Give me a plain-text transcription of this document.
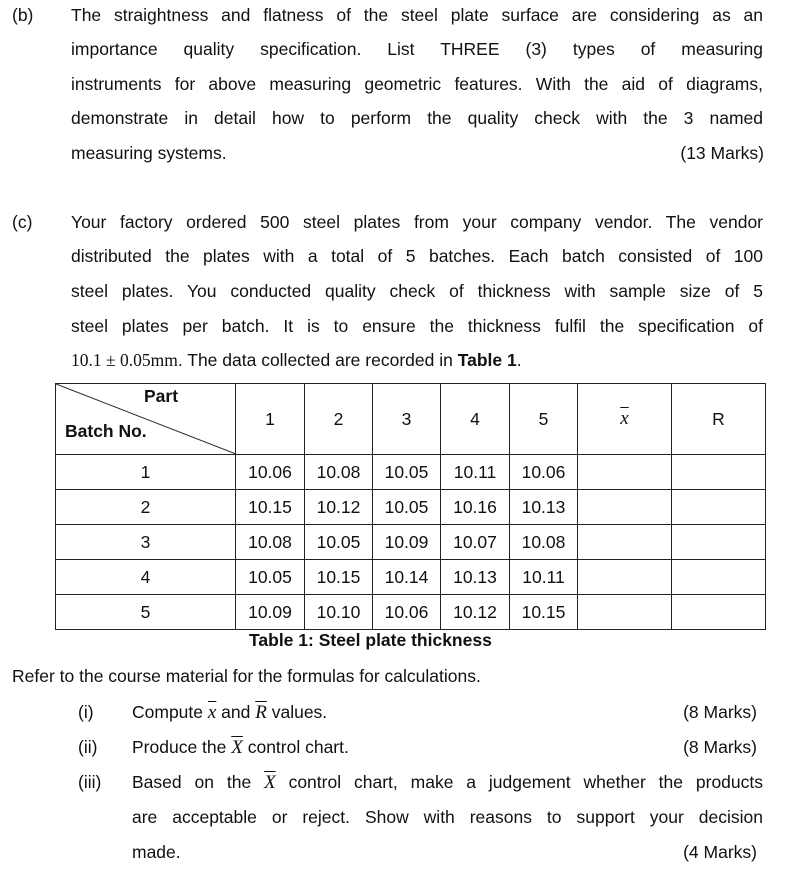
(b) The straightness and flatness of the steel plate surface are considering as an
importance quality specification. List THREE (3) types of measuring
instruments for above measuring geometric features. With the aid of diagrams,
demonstrate in detail how to perform the quality check with the 3 named
measuring systems.	(13 Marks)
(c) Your factory ordered 500 steel plates from your company vendor. The vendor
distributed the plates with a total of 5 batches. Each batch consisted of 100
steel plates. You conducted quality check of thickness with sample size of 5
steel plates per batch. It is to ensure the thickness fulfil the specification of
10.1 ± 0.05mm. The data collected are recorded in Table 1.
Part
Batch No.	1	2	3	4	5	$\overline{x}$	R
1	10.06	10.08	10.05	10.11	10.06		
2	10.15	10.12	10.05	10.16	10.13		
3	10.08	10.05	10.09	10.07	10.08		
4	10.05	10.15	10.14	10.13	10.11		
5	10.09	10.10	10.06	10.12	10.15		
Table 1: Steel plate thickness
Refer to the course material for the formulas for calculations.
(i) Compute $\overline{x}$ and $\overline{R}$ values.	(8 Marks)
(ii) Produce the $\overline{X}$ control chart.	(8 Marks)
(iii) Based on the $\overline{X}$ control chart, make a judgement whether the products
are acceptable or reject. Show with reasons to support your decision
made.	(4 Marks)
